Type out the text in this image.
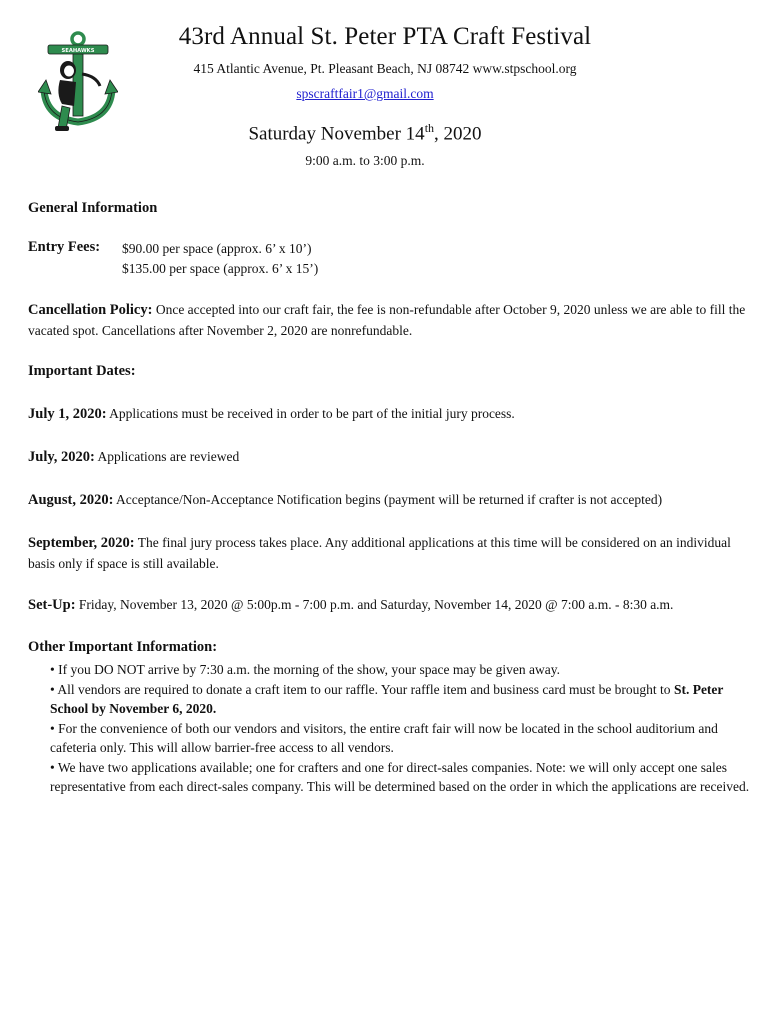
SEAHAWKS
43rd Annual St. Peter PTA Craft Festival
415 Atlantic Avenue, Pt. Pleasant Beach, NJ 08742 www.stpschool.org
spscraftfair1@gmail.com
Saturday November 14th, 2020
9:00 a.m. to 3:00 p.m.
General Information
Entry Fees: $90.00 per space (approx. 6’ x 10’)
$135.00 per space (approx. 6’ x 15’)
Cancellation Policy: Once accepted into our craft fair, the fee is non-refundable after October 9, 2020 unless we are able to fill the vacated spot. Cancellations after November 2, 2020 are nonrefundable.
Important Dates:
July 1, 2020: Applications must be received in order to be part of the initial jury process.
July, 2020: Applications are reviewed
August, 2020: Acceptance/Non-Acceptance Notification begins (payment will be returned if crafter is not accepted)
September, 2020: The final jury process takes place. Any additional applications at this time will be considered on an individual basis only if space is still available.
Set-Up: Friday, November 13, 2020 @ 5:00p.m - 7:00 p.m. and Saturday, November 14, 2020 @ 7:00 a.m. - 8:30 a.m.
Other Important Information:
• If you DO NOT arrive by 7:30 a.m. the morning of the show, your space may be given away.
• All vendors are required to donate a craft item to our raffle. Your raffle item and business card must be brought to St. Peter School by November 6, 2020.
• For the convenience of both our vendors and visitors, the entire craft fair will now be located in the school auditorium and cafeteria only. This will allow barrier-free access to all vendors.
• We have two applications available; one for crafters and one for direct-sales companies. Note: we will only accept one sales representative from each direct-sales company. This will be determined based on the order in which the applications are received.
